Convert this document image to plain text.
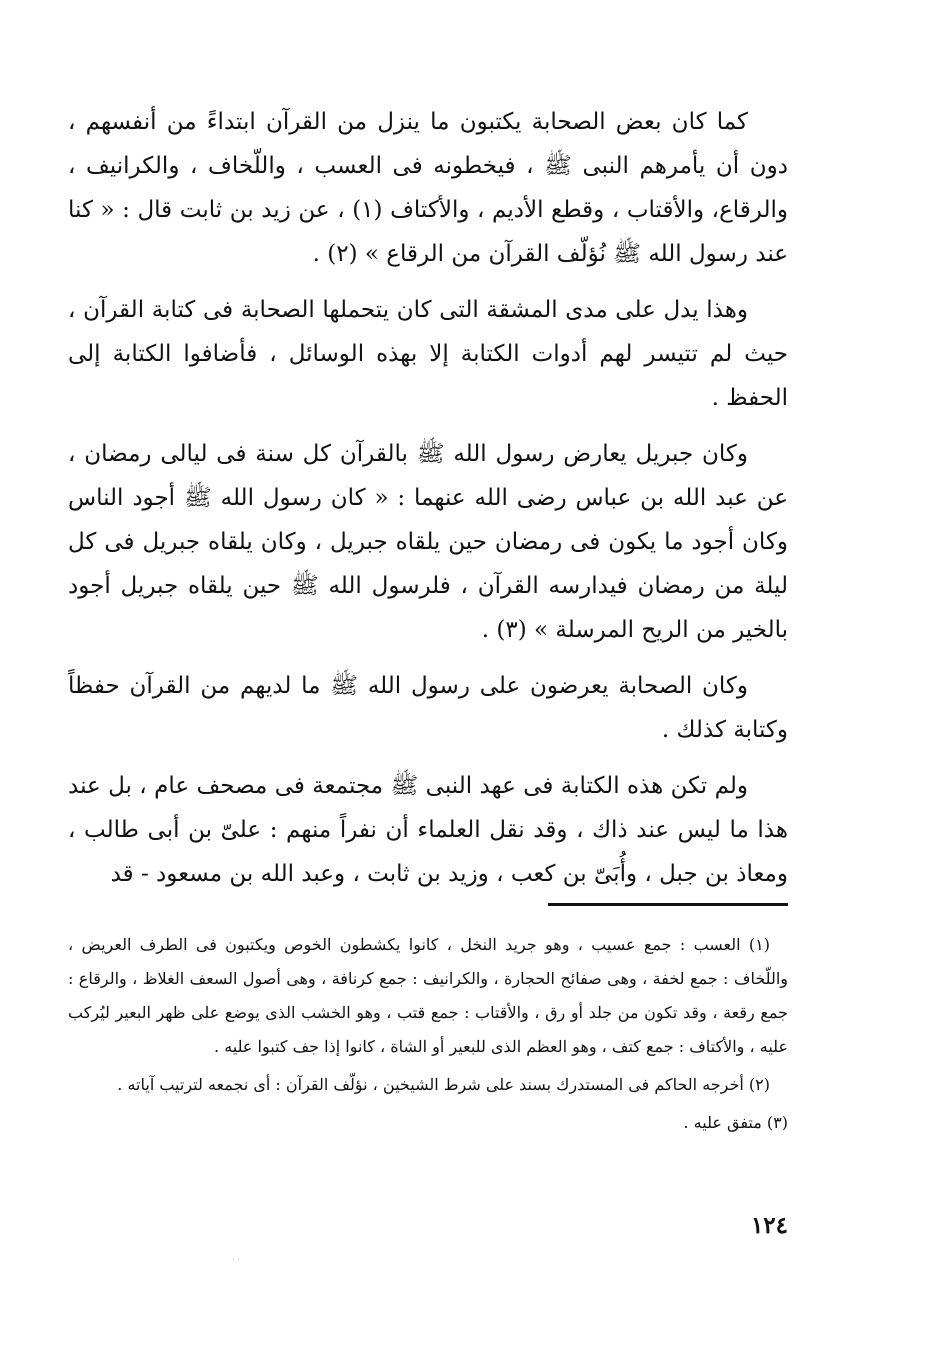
كما كان بعض الصحابة يكتبون ما ينزل من القرآن ابتداءً من أنفسهم ، دون أن يأمرهم النبى ﷺ ، فيخطونه فى العسب ، واللّخاف ، والكرانيف ، والرقاع، والأقتاب ، وقطع الأديم ، والأكتاف (١) ، عن زيد بن ثابت قال : « كنا عند رسول الله ﷺ نُؤلّف القرآن من الرقاع » (٢) .

وهذا يدل على مدى المشقة التى كان يتحملها الصحابة فى كتابة القرآن ، حيث لم تتيسر لهم أدوات الكتابة إلا بهذه الوسائل ، فأضافوا الكتابة إلى الحفظ .

وكان جبريل يعارض رسول الله ﷺ بالقرآن كل سنة فى ليالى رمضان ، عن عبد الله بن عباس رضى الله عنهما : « كان رسول الله ﷺ أجود الناس وكان أجود ما يكون فى رمضان حين يلقاه جبريل ، وكان يلقاه جبريل فى كل ليلة من رمضان فيدارسه القرآن ، فلرسول الله ﷺ حين يلقاه جبريل أجود بالخير من الريح المرسلة » (٣) .

وكان الصحابة يعرضون على رسول الله ﷺ ما لديهم من القرآن حفظاً وكتابة كذلك .

ولم تكن هذه الكتابة فى عهد النبى ﷺ مجتمعة فى مصحف عام ، بل عند هذا ما ليس عند ذاك ، وقد نقل العلماء أن نفراً منهم : علىّ بن أبى طالب ، ومعاذ بن جبل ، وأُبَىّ بن كعب ، وزيد بن ثابت ، وعبد الله بن مسعود - قد

(١) العسب : جمع عسيب ، وهو جريد النخل ، كانوا يكشطون الخوص ويكتبون فى الطرف العريض ، واللّخاف : جمع لخفة ، وهى صفائح الحجارة ، والكرانيف : جمع كرنافة ، وهى أصول السعف الغلاظ ، والرقاع : جمع رقعة ، وقد تكون من جلد أو رق ، والأقتاب : جمع قتب ، وهو الخشب الذى يوضع على ظهر البعير ليُركب عليه ، والأكتاف : جمع كتف ، وهو العظم الذى للبعير أو الشاة ، كانوا إذا جف كتبوا عليه .

(٢) أخرجه الحاكم فى المستدرك بسند على شرط الشيخين ، نؤلّف القرآن : أى نجمعه لترتيب آياته .

(٣) متفق عليه .

١٢٤
· ·
